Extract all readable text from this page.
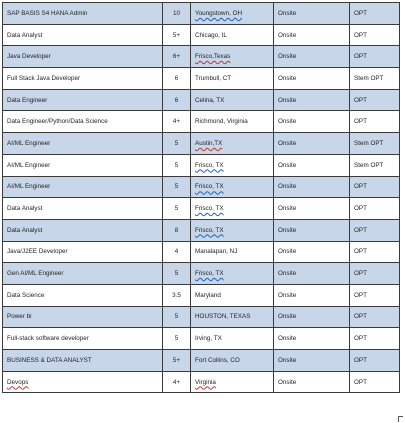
SAP BASIS S4 HANA Admin	10	Youngstown, OH	Onsite	OPT
Data Analyst	5+	Chicago, IL	Onsite	OPT
Java Developer	6+	Frisco,Texas	Onsite	OPT
Full Stack Java Developer	6	Trumbull, CT	Onsite	Stem OPT
Data Engineer	6	Celina, TX	Onsite	OPT
Data Engineer/Python/Data Science	4+	Richmond, Virginia	Onsite	OPT
AI/ML Engineer	5	Austin,TX	Onsite	Stem OPT
AI/ML Engineer	5	Frisco, TX	Onsite	Stem OPT
AI/ML Engineer	5	Frisco, TX	Onsite	OPT
Data Analyst	5	Frisco, TX	Onsite	OPT
Data Analyst	8	Frisco, TX	Onsite	OPT
Java/J2EE Developer	4	Manalapan, NJ	Onsite	OPT
Gen AI/ML Engineer	5	Frisco, TX	Onsite	OPT
Data Science	3.5	Maryland	Onsite	OPT
Power bi	5	HOUSTON, TEXAS	Onsite	OPT
Full-stack software developer	5	Irving, TX	Onsite	OPT
BUSINESS & DATA ANALYST	5+	Fort Collins, CO	Onsite	OPT
Devops	4+	Virginia	Onsite	OPT
